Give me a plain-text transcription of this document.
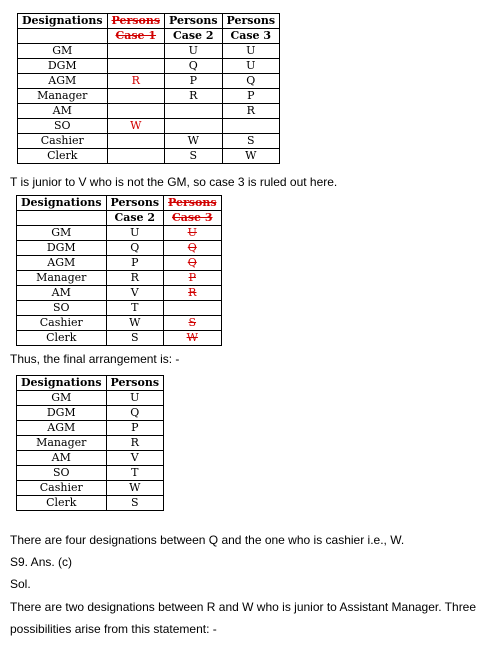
Designations	Persons	Persons	Persons
	Case 1	Case 2	Case 3
GM		U	U
DGM		Q	U
AGM	R	P	Q
Manager		R	P
AM			R
SO	W		
Cashier		W	S
Clerk		S	W

T is junior to V who is not the GM, so case 3 is ruled out here.

Designations	Persons	Persons
	Case 2	Case 3
GM	U	U
DGM	Q	Q
AGM	P	Q
Manager	R	P
AM	V	R
SO	T	
Cashier	W	S
Clerk	S	W

Thus, the final arrangement is: -

Designations	Persons
GM	U
DGM	Q
AGM	P
Manager	R
AM	V
SO	T
Cashier	W
Clerk	S

There are four designations between Q and the one who is cashier i.e., W.

S9. Ans. (c)

Sol.

There are two designations between R and W who is junior to Assistant Manager. Three

possibilities arise from this statement: -
